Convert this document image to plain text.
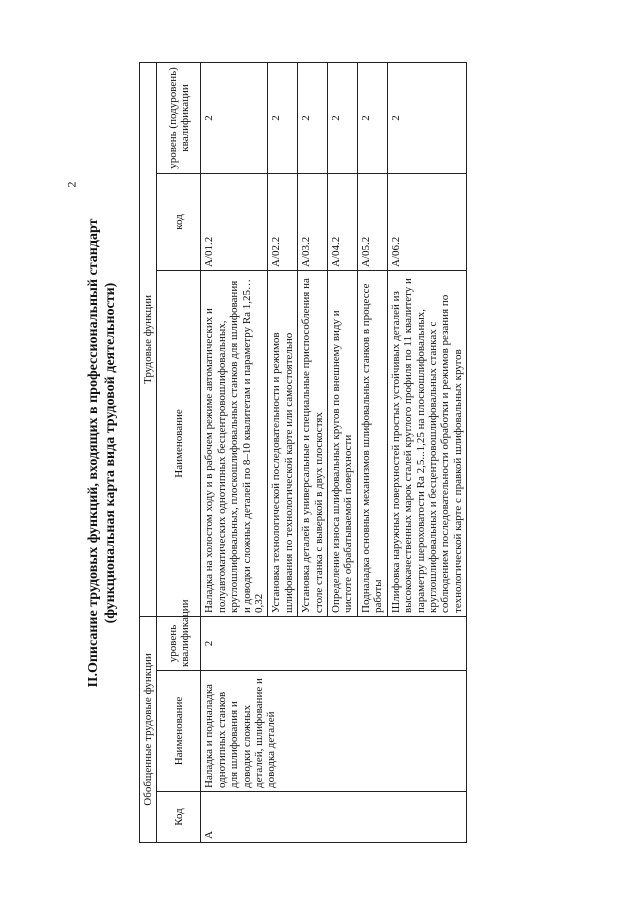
2
II.Описание трудовых функций, входящих в профессиональный стандарт (функциональная карта вида трудовой деятельности)
Обобщенные трудовые функции			Трудовые функции		
Код	Наименование	уровень квалификации	Наименование	код	уровень (подуровень) квалификации
A	Наладка и подналадка однотипных станков для шлифования и доводки сложных деталей, шлифование и доводка деталей	2	Наладка на холостом ходу и в рабочем режиме автоматических и полуавтоматических однотипных бесцентровошлифовальных, круглошлифовальных, плоскошлифовальных станков для шлифования и доводки сложных деталей по 8–10 квалитетам и параметру Ra 1,25…0,32	A/01.2	2
			Установка технологической последовательности и режимов шлифования по технологической карте или самостоятельно	A/02.2	2
			Установка деталей в универсальные и специальные приспособления на столе станка с выверкой в двух плоскостях	A/03.2	2
			Определение износа шлифовальных кругов по внешнему виду и чистоте обрабатываемой поверхности	A/04.2	2
			Подналадка основных механизмов шлифовальных станков в процессе работы	A/05.2	2
			Шлифовка наружных поверхностей простых устойчивых деталей из высококачественных марок сталей круглого профиля по 11 квалитету и параметру шероховатости Ra 2,5...1,25 на плоскошлифовальных, круглошлифовальных и бесцентровошлифовальных станках с соблюдением последовательности обработки и режимов резания по технологической карте с правкой шлифовальных кругов	A/06.2	2
